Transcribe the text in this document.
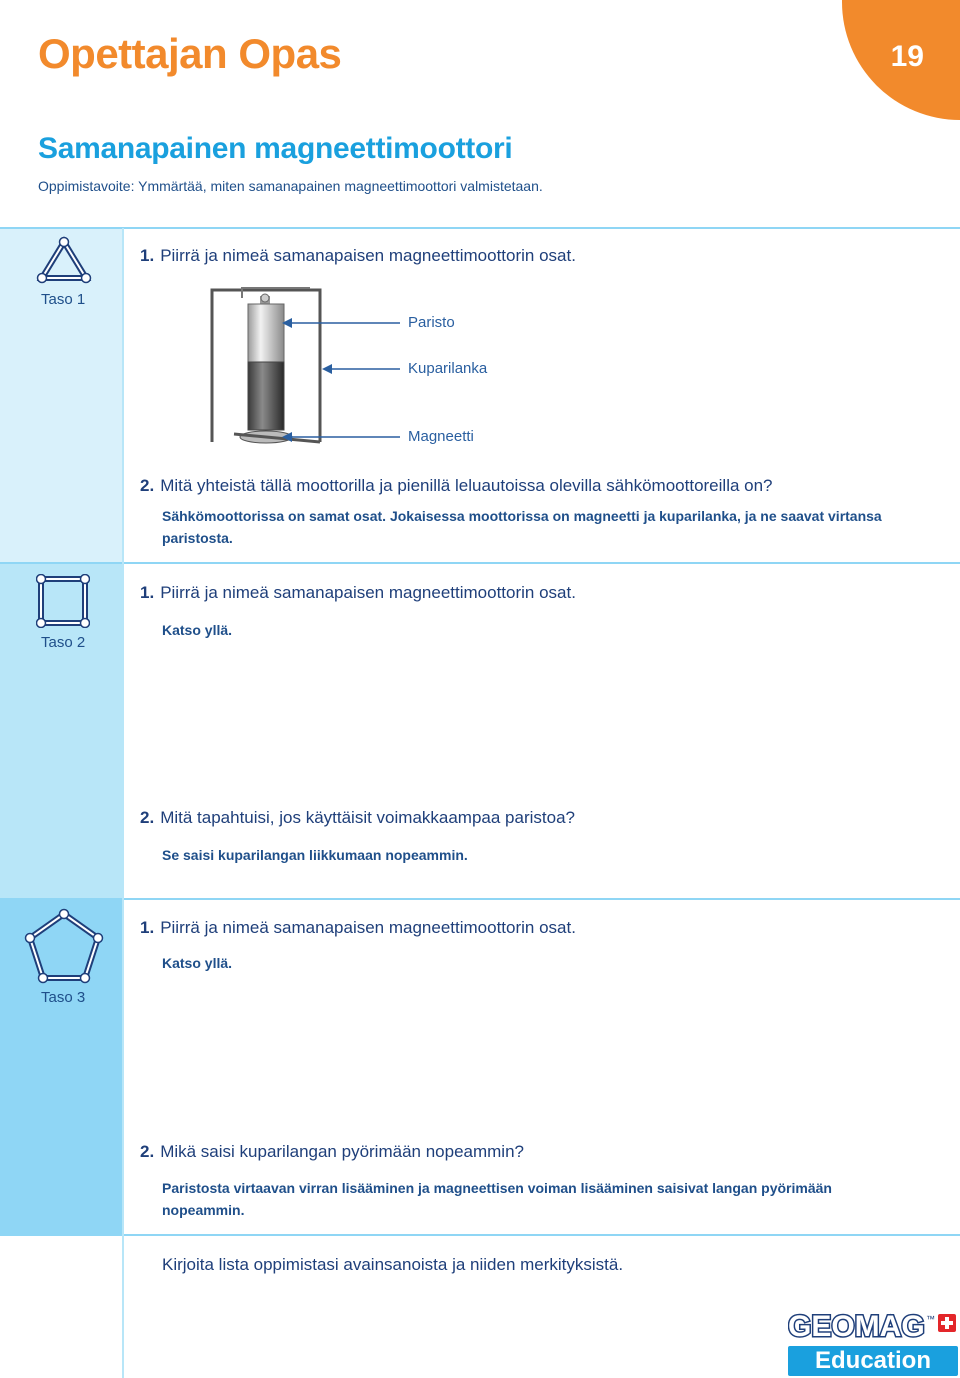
19
Opettajan Opas
Samanapainen magneettimoottori
Oppimistavoite: Ymmärtää, miten samanapainen magneettimoottori valmistetaan.
Taso 1
1. Piirrä ja nimeä samanapaisen magneettimoottorin osat.
Paristo
Kuparilanka
Magneetti
2. Mitä yhteistä tällä moottorilla ja pienillä leluautoissa olevilla sähkömoottoreilla on?
Sähkömoottorissa on samat osat. Jokaisessa moottorissa on magneetti ja kuparilanka, ja ne saavat virtansa paristosta.
Taso 2
1. Piirrä ja nimeä samanapaisen magneettimoottorin osat.
Katso yllä.
2. Mitä tapahtuisi, jos käyttäisit voimakkaampaa paristoa?
Se saisi kuparilangan liikkumaan nopeammin.
Taso 3
1. Piirrä ja nimeä samanapaisen magneettimoottorin osat.
Katso yllä.
2. Mikä saisi kuparilangan pyörimään nopeammin?
Paristosta virtaavan virran lisääminen ja magneettisen voiman lisääminen saisivat langan pyörimään nopeammin.
Kirjoita lista oppimistasi avainsanoista ja niiden merkityksistä.
GEOMAG ™
Education
